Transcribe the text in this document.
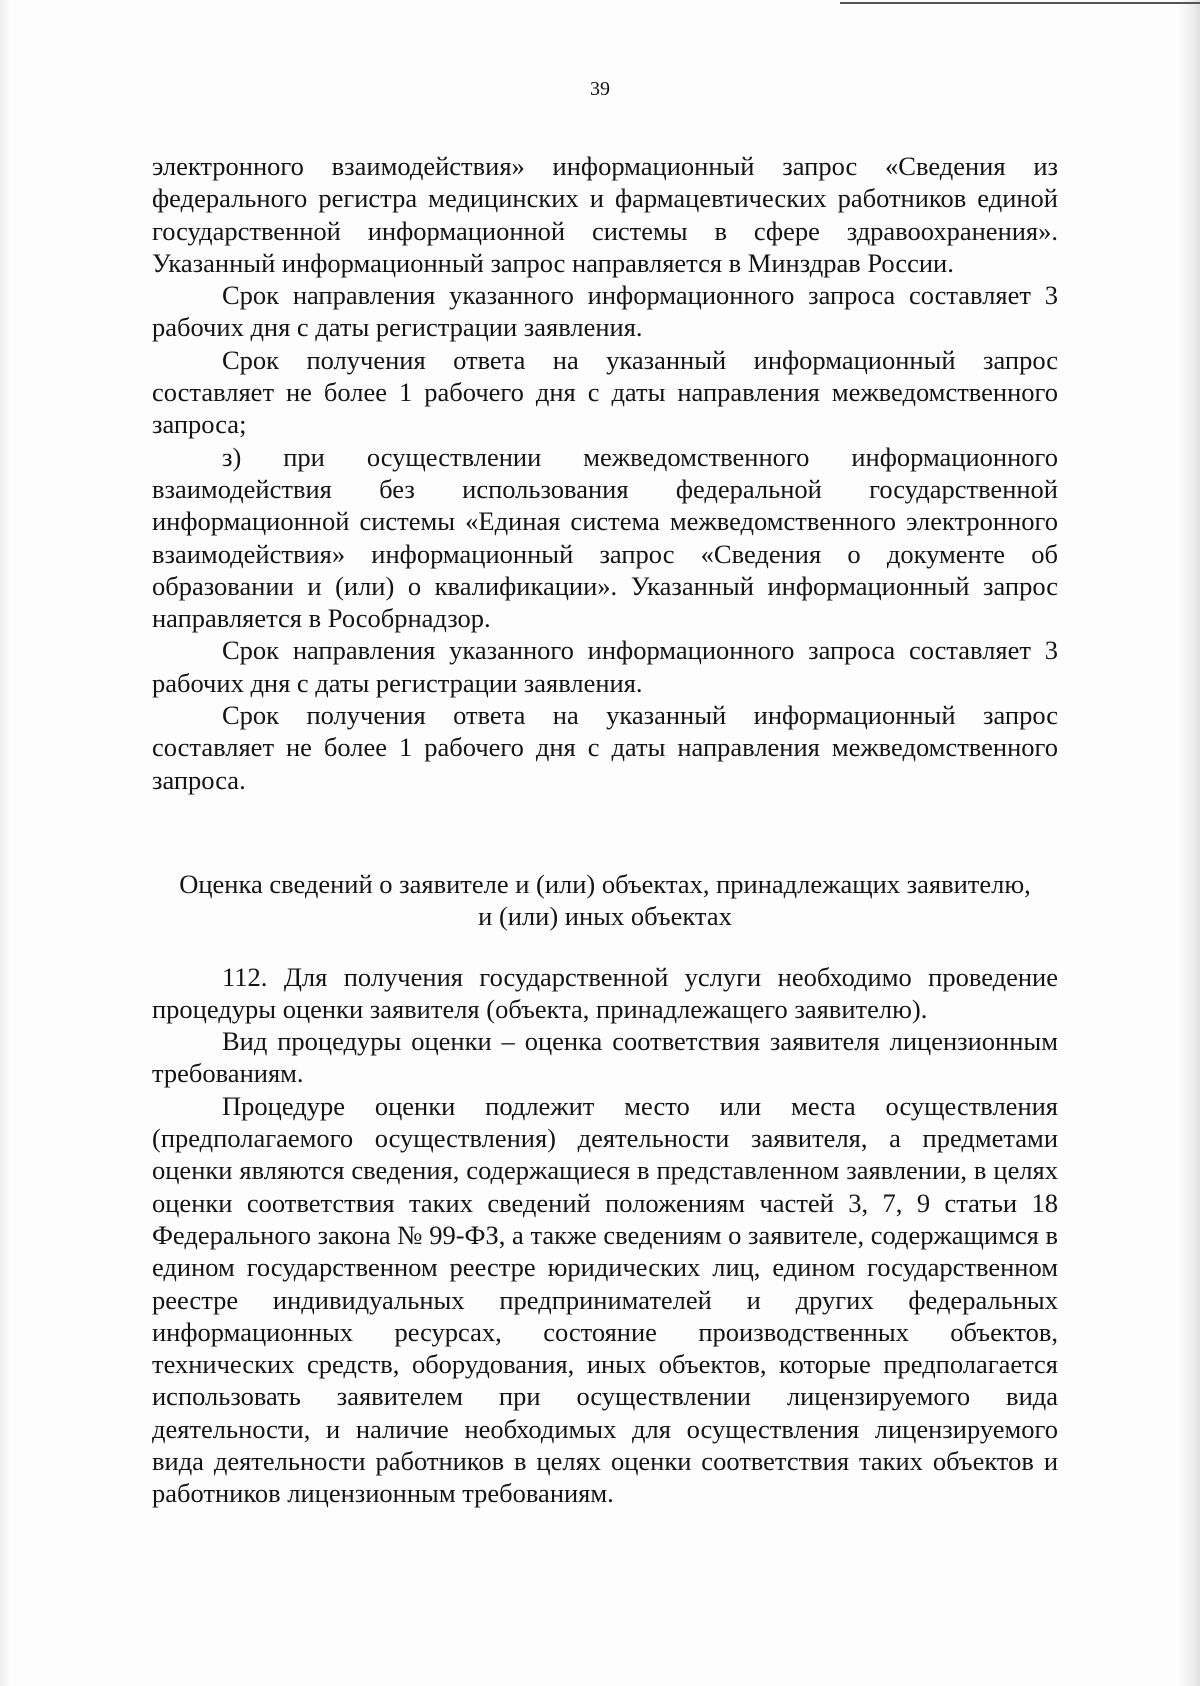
39

электронного взаимодействия» информационный запрос «Сведения из федерального регистра медицинских и фармацевтических работников единой государственной информационной системы в сфере здравоохранения». Указанный информационный запрос направляется в Минздрав России.

Срок направления указанного информационного запроса составляет 3 рабочих дня с даты регистрации заявления.

Срок получения ответа на указанный информационный запрос составляет не более 1 рабочего дня с даты направления межведомственного запроса;

з) при осуществлении межведомственного информационного взаимодействия без использования федеральной государственной информационной системы «Единая система межведомственного электронного взаимодействия» информационный запрос «Сведения о документе об образовании и (или) о квалификации». Указанный информационный запрос направляется в Рособрнадзор.

Срок направления указанного информационного запроса составляет 3 рабочих дня с даты регистрации заявления.

Срок получения ответа на указанный информационный запрос составляет не более 1 рабочего дня с даты направления межведомственного запроса.

Оценка сведений о заявителе и (или) объектах, принадлежащих заявителю,

и (или) иных объектах

112. Для получения государственной услуги необходимо проведение процедуры оценки заявителя (объекта, принадлежащего заявителю).

Вид процедуры оценки – оценка соответствия заявителя лицензионным требованиям.

Процедуре оценки подлежит место или места осуществления (предполагаемого осуществления) деятельности заявителя, а предметами оценки являются сведения, содержащиеся в представленном заявлении, в целях оценки соответствия таких сведений положениям частей 3, 7, 9 статьи 18 Федерального закона № 99-ФЗ, а также сведениям о заявителе, содержащимся в едином государственном реестре юридических лиц, едином государственном реестре индивидуальных предпринимателей и других федеральных информационных ресурсах, состояние производственных объектов, технических средств, оборудования, иных объектов, которые предполагается использовать заявителем при осуществлении лицензируемого вида деятельности, и наличие необходимых для осуществления лицензируемого вида деятельности работников в целях оценки соответствия таких объектов и работников лицензионным требованиям.
